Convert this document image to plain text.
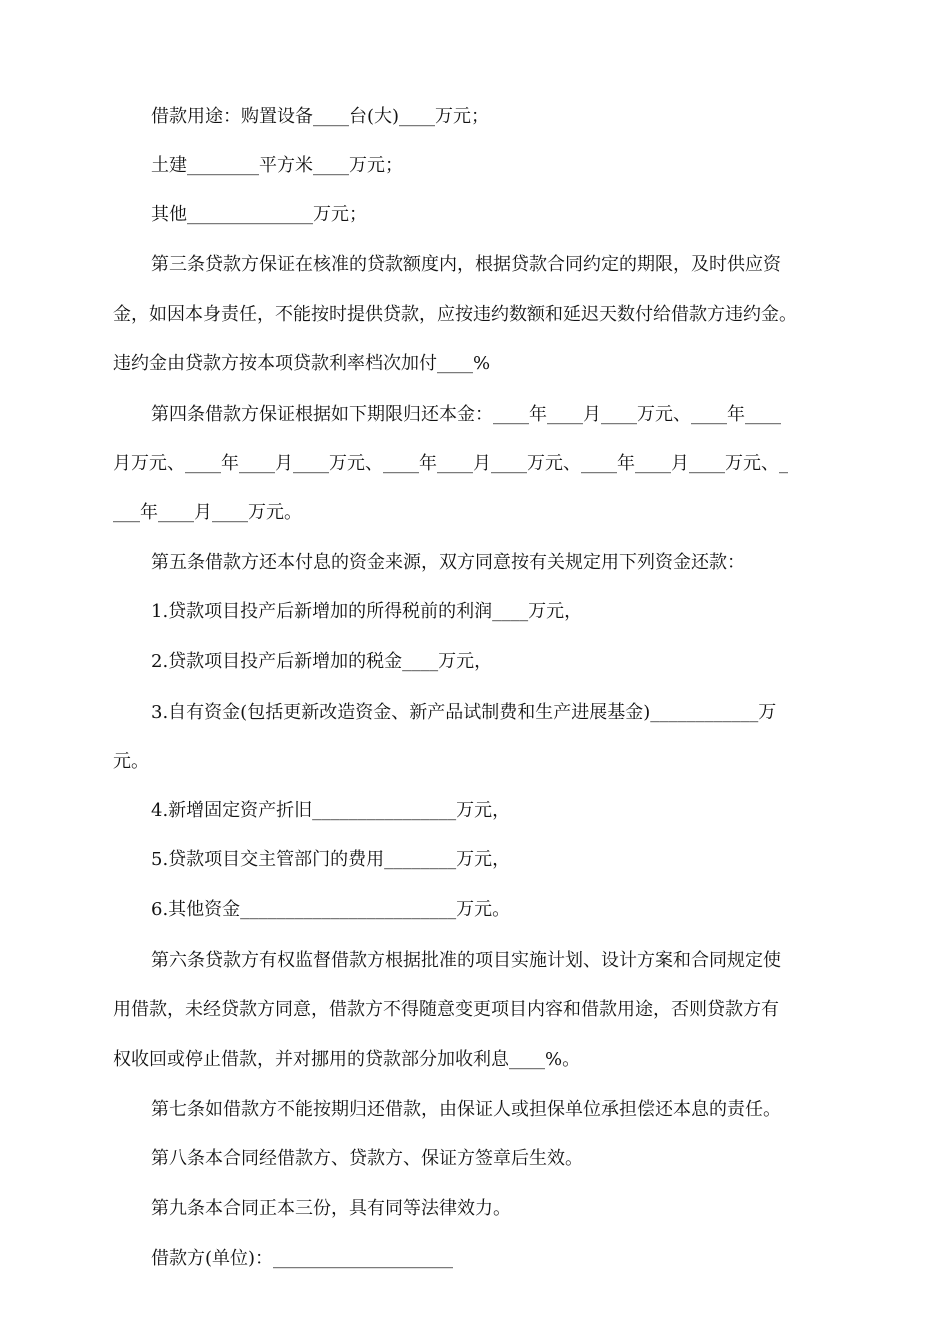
借款用途：购置设备____台(大)____万元；
土建________平方米____万元；
其他______________万元；
第三条贷款方保证在核准的贷款额度内，根据贷款合同约定的期限，及时供应资
金，如因本身责任，不能按时提供贷款，应按违约数额和延迟天数付给借款方违约金。
违约金由贷款方按本项贷款利率档次加付____%
第四条借款方保证根据如下期限归还本金：____年____月____万元、____年____
月万元、____年____月____万元、____年____月____万元、____年____月____万元、_
___年____月____万元。
第五条借款方还本付息的资金来源，双方同意按有关规定用下列资金还款：
1.贷款项目投产后新增加的所得税前的利润____万元，
2.贷款项目投产后新增加的税金____万元，
3.自有资金(包括更新改造资金、新产品试制费和生产进展基金)____________万
元。
4.新增固定资产折旧________________万元，
5.贷款项目交主管部门的费用________万元，
6.其他资金________________________万元。
第六条贷款方有权监督借款方根据批准的项目实施计划、设计方案和合同规定使
用借款，未经贷款方同意，借款方不得随意变更项目内容和借款用途，否则贷款方有
权收回或停止借款，并对挪用的贷款部分加收利息____%。
第七条如借款方不能按期归还借款，由保证人或担保单位承担偿还本息的责任。
第八条本合同经借款方、贷款方、保证方签章后生效。
第九条本合同正本三份，具有同等法律效力。
借款方(单位)：____________________
